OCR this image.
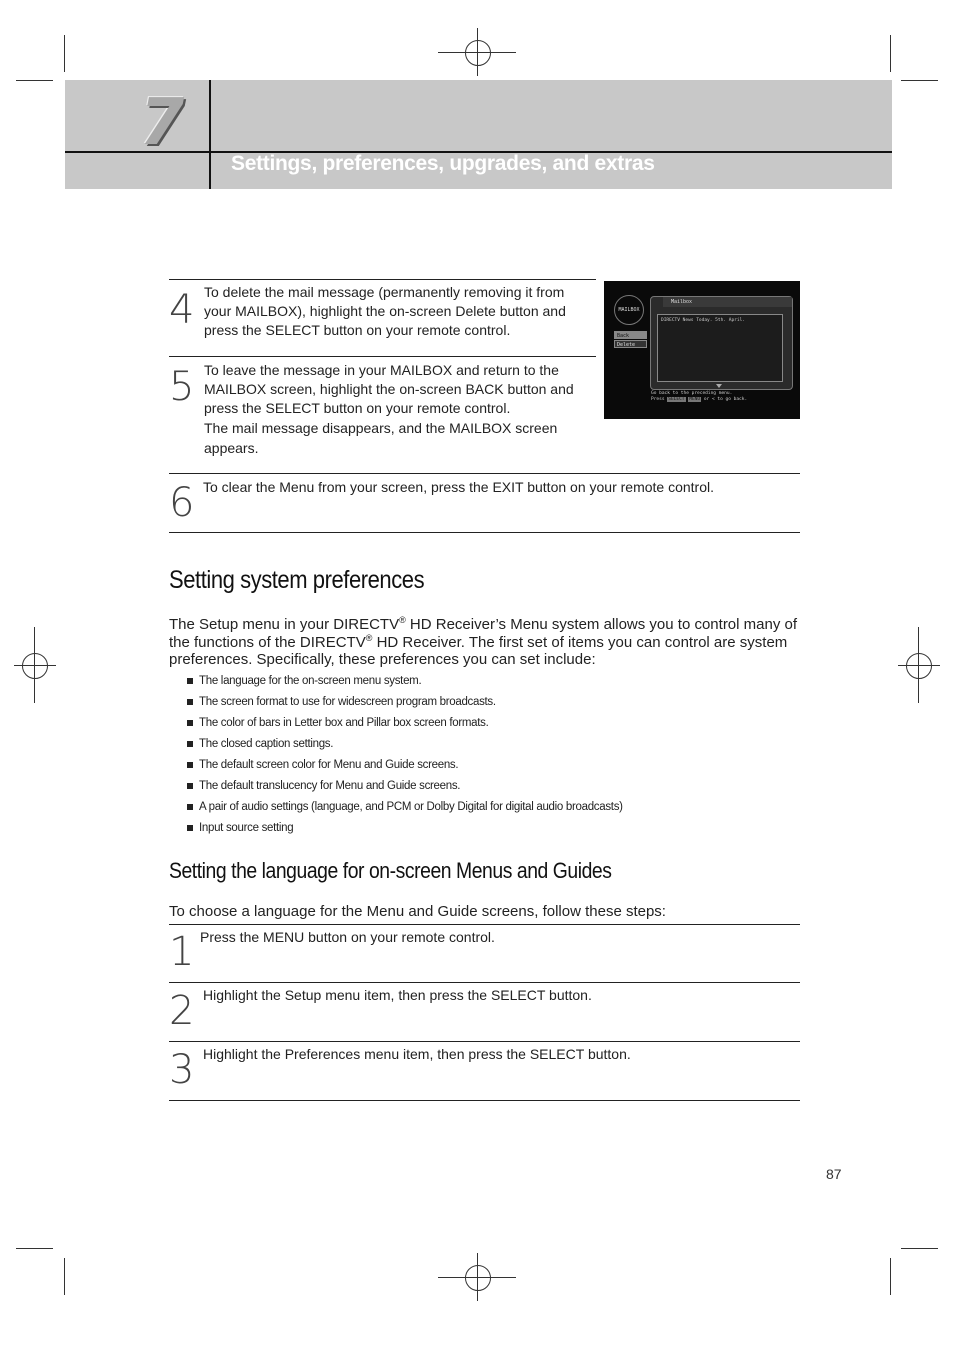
7
Settings, preferences, upgrades, and extras
4 To delete the mail message (permanently removing it from your MAILBOX), highlight the on-screen Delete button and press the SELECT button on your remote control.
5 To leave the message in your MAILBOX and return to the MAILBOX screen, highlight the on-screen BACK button and press the SELECT button on your remote control.
The mail message disappears, and the MAILBOX screen appears.
6 To clear the Menu from your screen, press the EXIT button on your remote control.
MAILBOX
Mailbox
DIRECTV News Today. 5th. April.
Back
Delete
Go back to the preceding menu.
Press SELECT MENU or < to go back.
Setting system preferences
The Setup menu in your DIRECTV® HD Receiver’s Menu system allows you to control many of the functions of the DIRECTV® HD Receiver. The first set of items you can control are system preferences. Specifically, these preferences you can set include:
The language for the on-screen menu system.
The screen format to use for widescreen program broadcasts.
The color of bars in Letter box and Pillar box screen formats.
The closed caption settings.
The default screen color for Menu and Guide screens.
The default translucency for Menu and Guide screens.
A pair of audio settings (language, and PCM or Dolby Digital for digital audio broadcasts)
Input source setting
Setting the language for on-screen Menus and Guides
To choose a language for the Menu and Guide screens, follow these steps:
1 Press the MENU button on your remote control.
2 Highlight the Setup menu item, then press the SELECT button.
3 Highlight the Preferences menu item, then press the SELECT button.
87
